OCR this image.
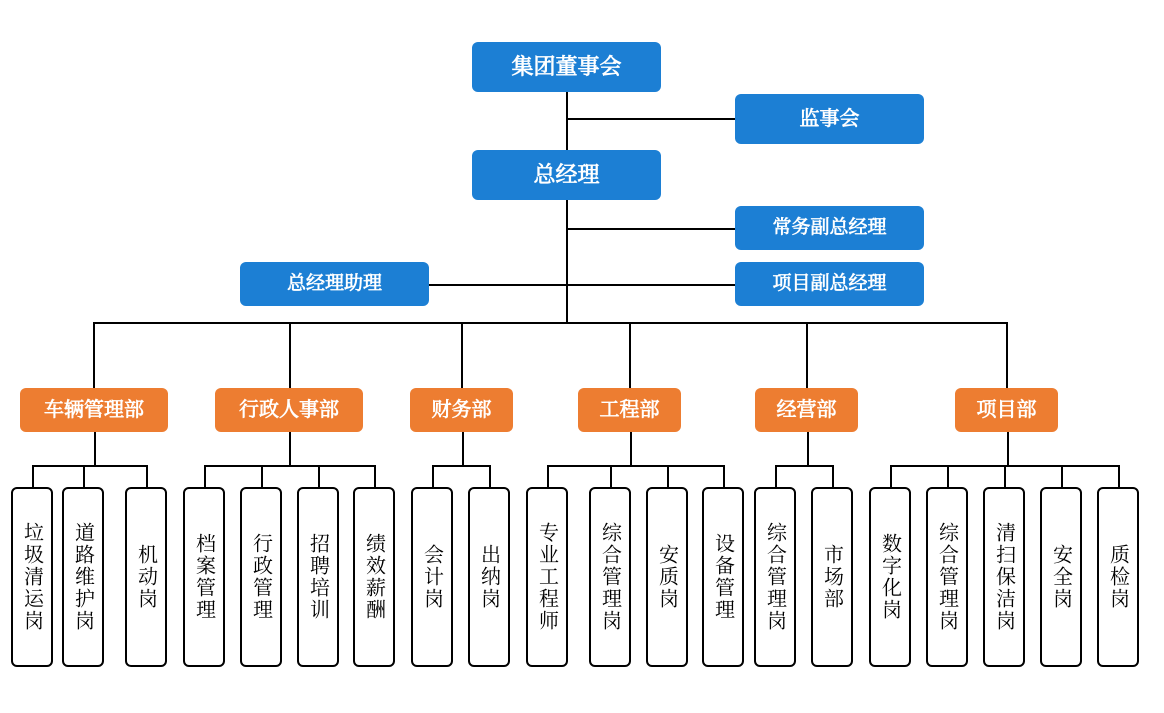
集团董事会
监事会
总经理
常务副总经理
总经理助理	项目副总经理
车辆管理部	行政人事部	财务部	工程部	经营部	项目部
垃圾清运岗	道路维护岗	机动岗	档案管理	行政管理	招聘培训	绩效薪酬	会计岗	出纳岗	专业工程师	综合管理岗	安质岗	设备管理	综合管理岗	市场部	数字化岗	综合管理岗	清扫保洁岗	安全岗	质检岗
